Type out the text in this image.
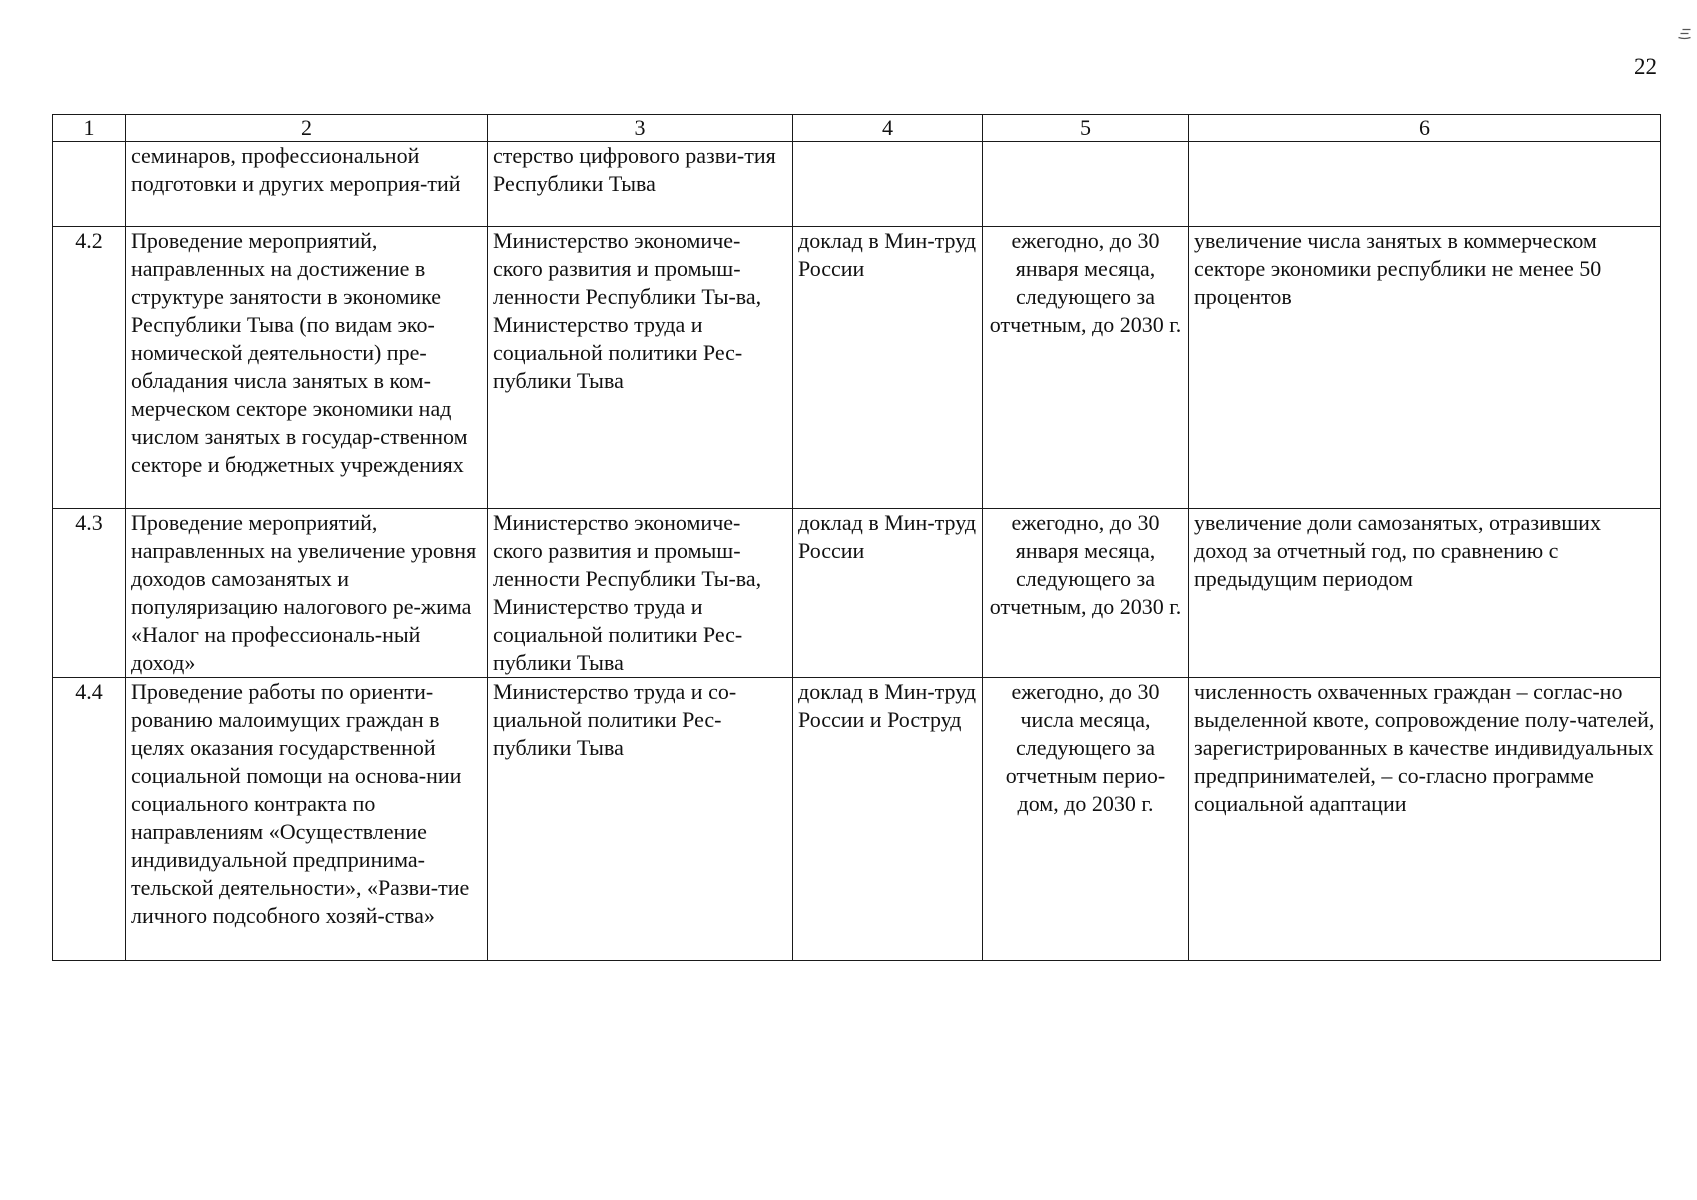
22
1	2	3	4	5	6
	семинаров, профессиональной подготовки и других мероприя-тий	стерство цифрового разви-тия Республики Тыва			
4.2	Проведение мероприятий, направленных на достижение в структуре занятости в экономике Республики Тыва (по видам эко-номической деятельности) пре-обладания числа занятых в ком-мерческом секторе экономики над числом занятых в государ-ственном секторе и бюджетных учреждениях	Министерство экономиче-ского развития и промыш-ленности Республики Ты-ва, Министерство труда и социальной политики Рес-публики Тыва	доклад в Мин-труд России	ежегодно, до 30 января месяца, следующего за отчетным, до 2030 г.	увеличение числа занятых в коммерческом секторе экономики республики не менее 50 процентов
4.3	Проведение мероприятий, направленных на увеличение уровня доходов самозанятых и популяризацию налогового ре-жима «Налог на профессиональ-ный доход»	Министерство экономиче-ского развития и промыш-ленности Республики Ты-ва, Министерство труда и социальной политики Рес-публики Тыва	доклад в Мин-труд России	ежегодно, до 30 января месяца, следующего за отчетным, до 2030 г.	увеличение доли самозанятых, отразивших доход за отчетный год, по сравнению с предыдущим периодом
4.4	Проведение работы по ориенти-рованию малоимущих граждан в целях оказания государственной социальной помощи на основа-нии социального контракта по направлениям «Осуществление индивидуальной предпринима-тельской деятельности», «Разви-тие личного подсобного хозяй-ства»	Министерство труда и со-циальной политики Рес-публики Тыва	доклад в Мин-труд России и Роструд	ежегодно, до 30 числа месяца, следующего за отчетным перио-дом, до 2030 г.	численность охваченных граждан – соглас-но выделенной квоте, сопровождение полу-чателей, зарегистрированных в качестве индивидуальных предпринимателей, – со-гласно программе социальной адаптации
